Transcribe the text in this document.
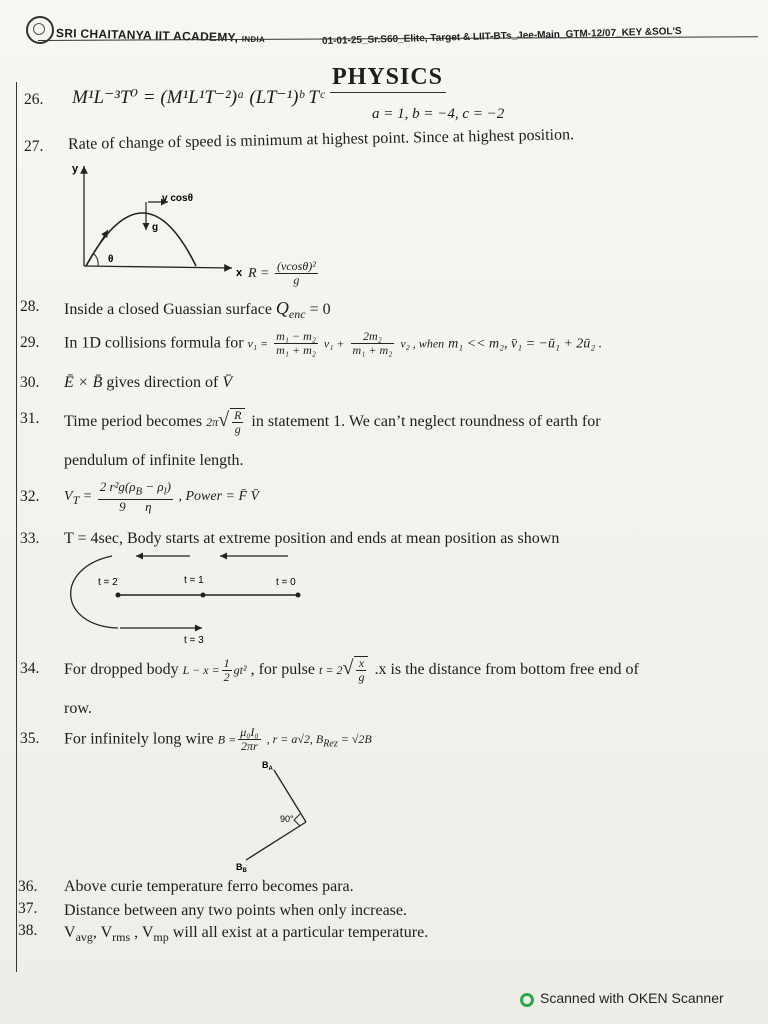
SRI CHAITANYA IIT ACADEMY, INDIA	01-01-25_Sr.S60_Elite, Target & LIIT-BTs_Jee-Main_GTM-12/07_KEY &SOL'S
PHYSICS
26. M¹L⁻³T⁰ = (M¹L¹T⁻²)ᵃ (LT⁻¹)ᵇ Tᶜ
a = 1, b = −4, c = −2
27. Rate of change of speed is minimum at highest point. Since at highest position.
y
x
v cosθ
g
θ
$R = \frac{\text{(vcosθ)²}}{g}$
28. Inside a closed Guassian surface $Q_{enc} = 0$
29. In 1D collisions formula for $v_1 = \frac{\text{m₁ − m₂}}{\text{m₁ + m₂}} v_1 + \frac{\text{2m₂}}{\text{m₁ + m₂}} v_2$ , when m₁ << m₂, v̄₁ = −ū₁ + 2ū₂ .
30. Ē × B̄ gives direction of V̄
31. Time period becomes $2\pi√ \frac{R}{g}$ in statement 1. We can’t neglect roundness of earth for
pendulum of infinite length.
32. $V_T = \frac{2 r^2g(\rho_B - \rho_l)}{9 \eta}$ , Power = F̄ V̄
33. T = 4sec, Body starts at extreme position and ends at mean position as shown
t = 2	t = 1	t = 0
t = 3
34. For dropped body $L - x = \frac{1}{2} gt^2$ , for pulse $t = 2√ \frac{x}{g} .x$ is the distance from bottom free end of
row.
35. For infinitely long wire $B = \frac{\text{μ₀I₀}}{2\pi r}$ , r = a√2, $B_{Rez} = √2B$
$B_A$
90°
$B_B$
36. Above curie temperature ferro becomes para.
37. Distance between any two points when only increase.
38. $V_{avg}$, $V_{rms}$ , $V_{mp}$ will all exist at a particular temperature.
Scanned with OKEN Scanner
